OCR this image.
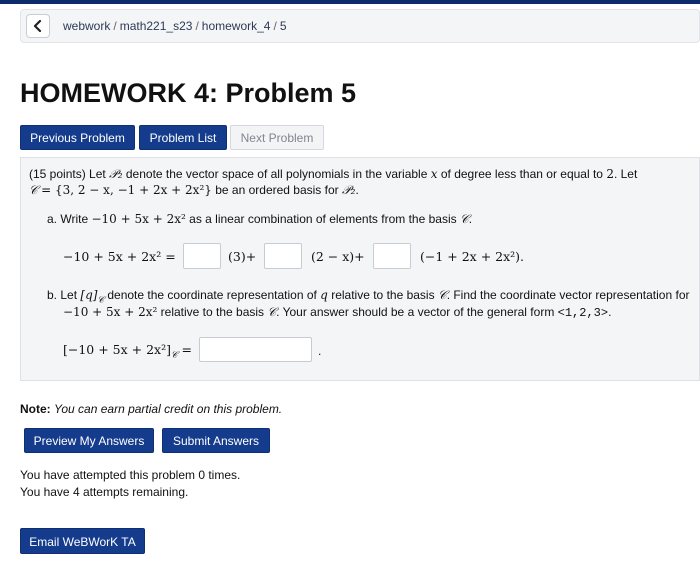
webwork / math221_s23 / homework_4 / 5
HOMEWORK 4: Problem 5
Previous Problem	Problem List	Next Problem
(15 points) Let 𝒫₂ denote the vector space of all polynomials in the variable x of degree less than or equal to 2. Let
𝒞 = {3, 2 − x, −1 + 2x + 2x²} be an ordered basis for 𝒫₂.
a. Write −10 + 5x + 2x² as a linear combination of elements from the basis 𝒞.
−10 + 5x + 2x² =	(3)+	(2 − x)+	(−1 + 2x + 2x²).
b. Let $[q]_𝒞$ denote the coordinate representation of q relative to the basis 𝒞. Find the coordinate vector representation for
−10 + 5x + 2x² relative to the basis 𝒞. Your answer should be a vector of the general form <1,2,3>.
$[-10 + 5x + 2x^2]_𝒞$ =	.
Note: You can earn partial credit on this problem.
Preview My Answers	Submit Answers
You have attempted this problem 0 times.
You have 4 attempts remaining.
Email WeBWorK TA
